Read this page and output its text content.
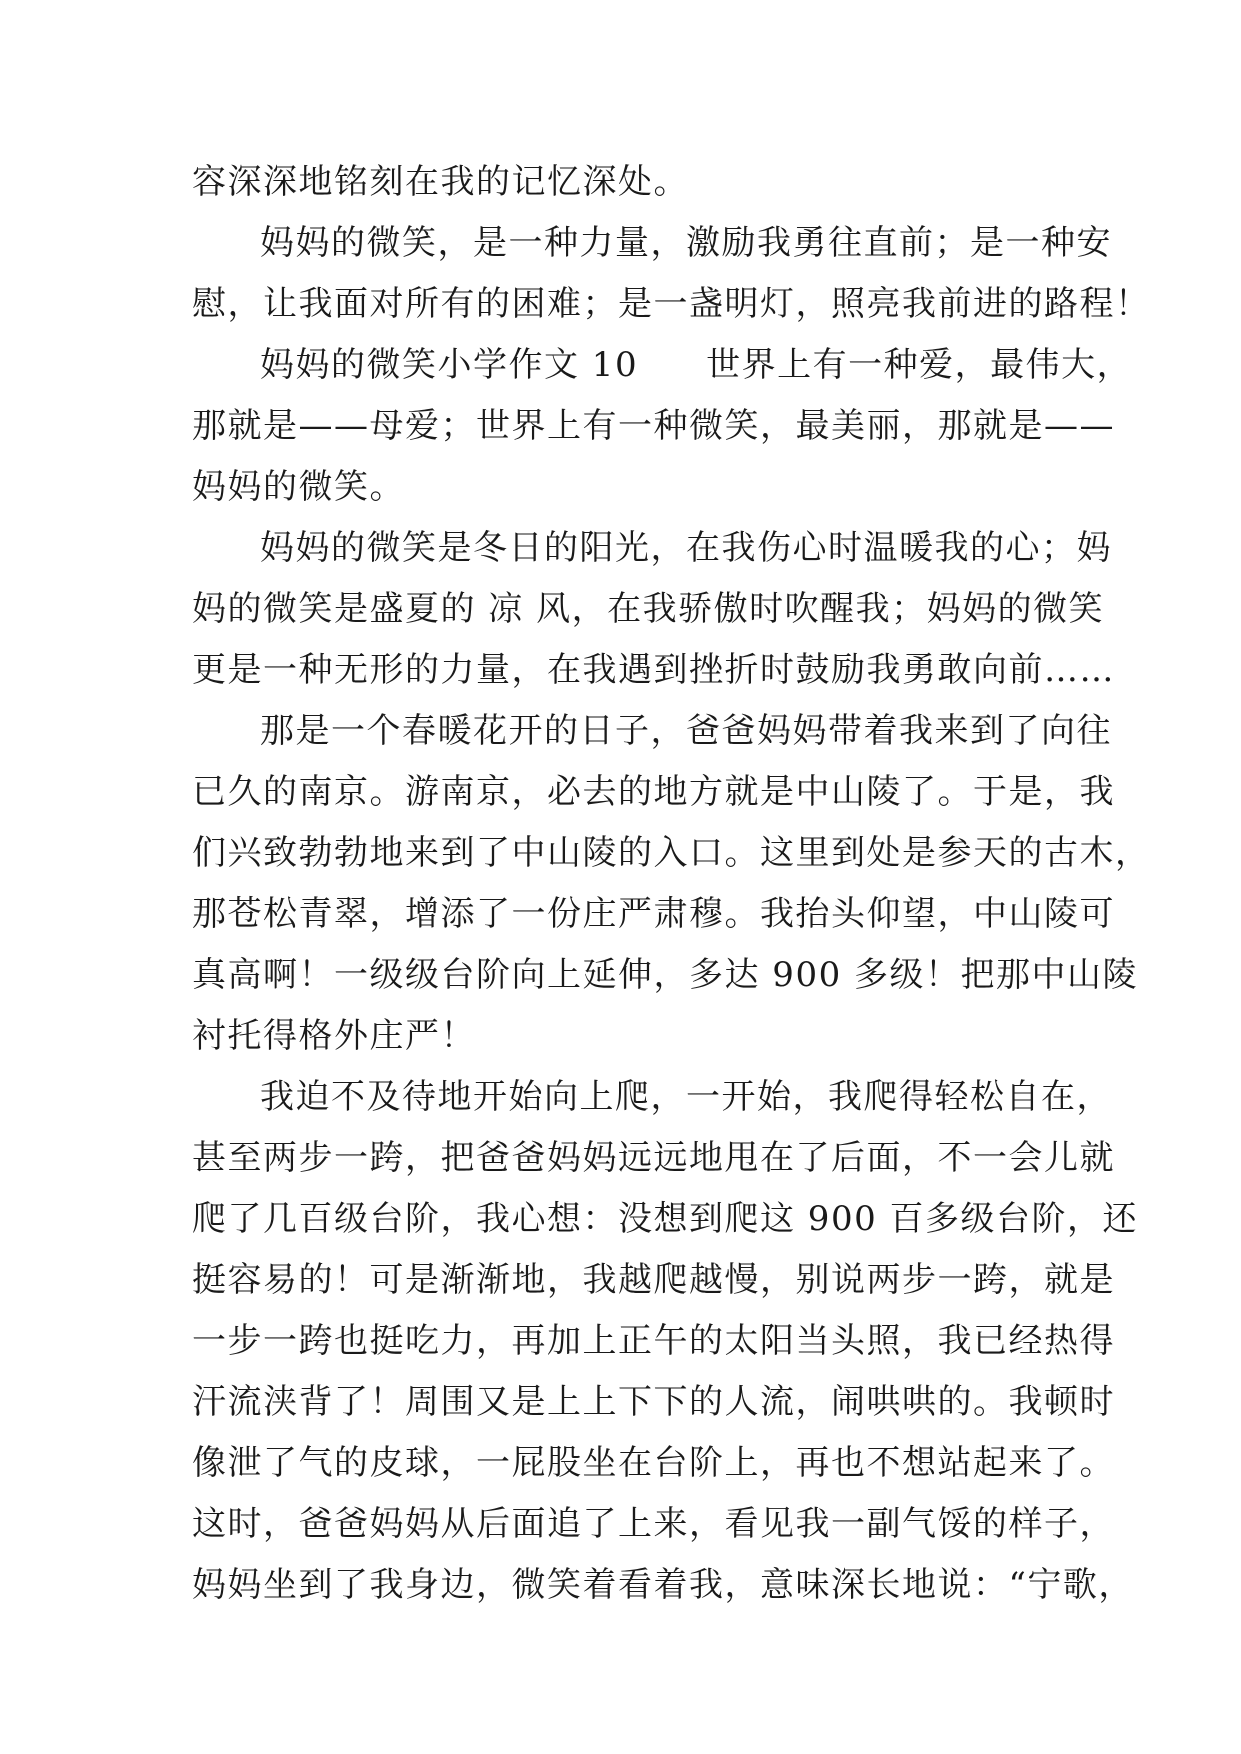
容深深地铭刻在我的记忆深处。
妈妈的微笑，是一种力量，激励我勇往直前；是一种安
慰，让我面对所有的困难；是一盏明灯，照亮我前进的路程！
妈妈的微笑小学作文 10 世界上有一种爱，最伟大，
那就是——母爱；世界上有一种微笑，最美丽，那就是——
妈妈的微笑。
妈妈的微笑是冬日的阳光，在我伤心时温暖我的心；妈
妈的微笑是盛夏的 凉 风，在我骄傲时吹醒我；妈妈的微笑
更是一种无形的力量，在我遇到挫折时鼓励我勇敢向前……
那是一个春暖花开的日子，爸爸妈妈带着我来到了向往
已久的南京。游南京，必去的地方就是中山陵了。于是，我
们兴致勃勃地来到了中山陵的入口。这里到处是参天的古木，
那苍松青翠，增添了一份庄严肃穆。我抬头仰望，中山陵可
真高啊！一级级台阶向上延伸，多达 900 多级！把那中山陵
衬托得格外庄严！
我迫不及待地开始向上爬，一开始，我爬得轻松自在，
甚至两步一跨，把爸爸妈妈远远地甩在了后面，不一会儿就
爬了几百级台阶，我心想：没想到爬这 900 百多级台阶，还
挺容易的！可是渐渐地，我越爬越慢，别说两步一跨，就是
一步一跨也挺吃力，再加上正午的太阳当头照，我已经热得
汗流浃背了！周围又是上上下下的人流，闹哄哄的。我顿时
像泄了气的皮球，一屁股坐在台阶上，再也不想站起来了。
这时，爸爸妈妈从后面追了上来，看见我一副气馁的样子，
妈妈坐到了我身边，微笑着看着我，意味深长地说：“宁歌，
